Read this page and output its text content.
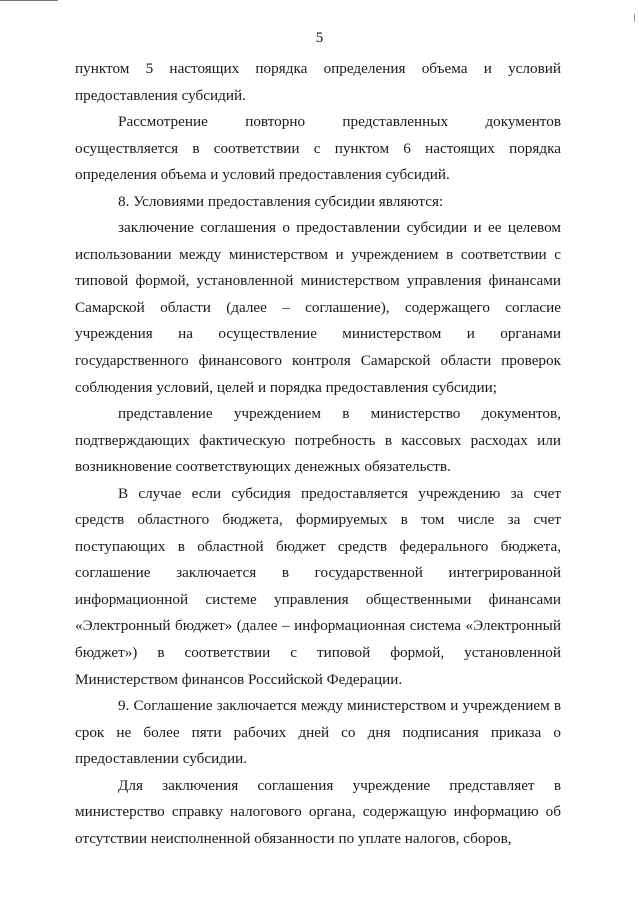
5

пунктом 5 настоящих порядка определения объема и условий предоставления субсидий.

Рассмотрение повторно представленных документов осуществляется в соответствии с пунктом 6 настоящих порядка определения объема и условий предоставления субсидий.

8. Условиями предоставления субсидии являются:

заключение соглашения о предоставлении субсидии и ее целевом использовании между министерством и учреждением в соответствии с типовой формой, установленной министерством управления финансами Самарской области (далее – соглашение), содержащего согласие учреждения на осуществление министерством и органами государственного финансового контроля Самарской области проверок соблюдения условий, целей и порядка предоставления субсидии;

представление учреждением в министерство документов, подтверждающих фактическую потребность в кассовых расходах или возникновение соответствующих денежных обязательств.

В случае если субсидия предоставляется учреждению за счет средств областного бюджета, формируемых в том числе за счет поступающих в областной бюджет средств федерального бюджета, соглашение заключается в государственной интегрированной информационной системе управления общественными финансами «Электронный бюджет» (далее – информационная система «Электронный бюджет») в соответствии с типовой формой, установленной Министерством финансов Российской Федерации.

9. Соглашение заключается между министерством и учреждением в срок не более пяти рабочих дней со дня подписания приказа о предоставлении субсидии.

Для заключения соглашения учреждение представляет в министерство справку налогового органа, содержащую информацию об отсутствии неисполненной обязанности по уплате налогов, сборов,
